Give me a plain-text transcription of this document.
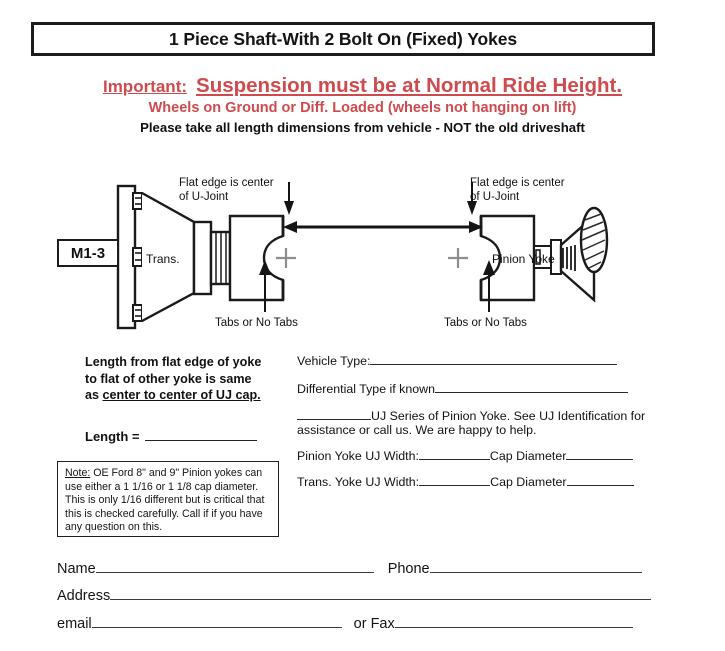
1 Piece Shaft-With 2 Bolt On (Fixed) Yokes
Important: Suspension must be at Normal Ride Height.
Wheels on Ground or Diff. Loaded (wheels not hanging on lift)
Please take all length dimensions from vehicle - NOT the old driveshaft
Flat edge is center
of U-Joint
Flat edge is center
of U-Joint
Trans.	Pinion Yoke
Tabs or No Tabs	Tabs or No Tabs
M1-3
Length from flat edge of yoke
to flat of other yoke is same
as center to center of UJ cap.
Length =
Note: OE Ford 8" and 9" Pinion yokes can use either a 1 1/16 or 1 1/8 cap diameter. This is only 1/16 different but is critical that this is checked carefully. Call if if you have any question on this.
Vehicle Type:
Differential Type if known
UJ Series of Pinion Yoke. See UJ Identification for assistance or call us. We are happy to help.
Pinion Yoke UJ Width:	Cap Diameter
Trans. Yoke UJ Width:	Cap Diameter
Name	Phone
Address
email	or Fax
